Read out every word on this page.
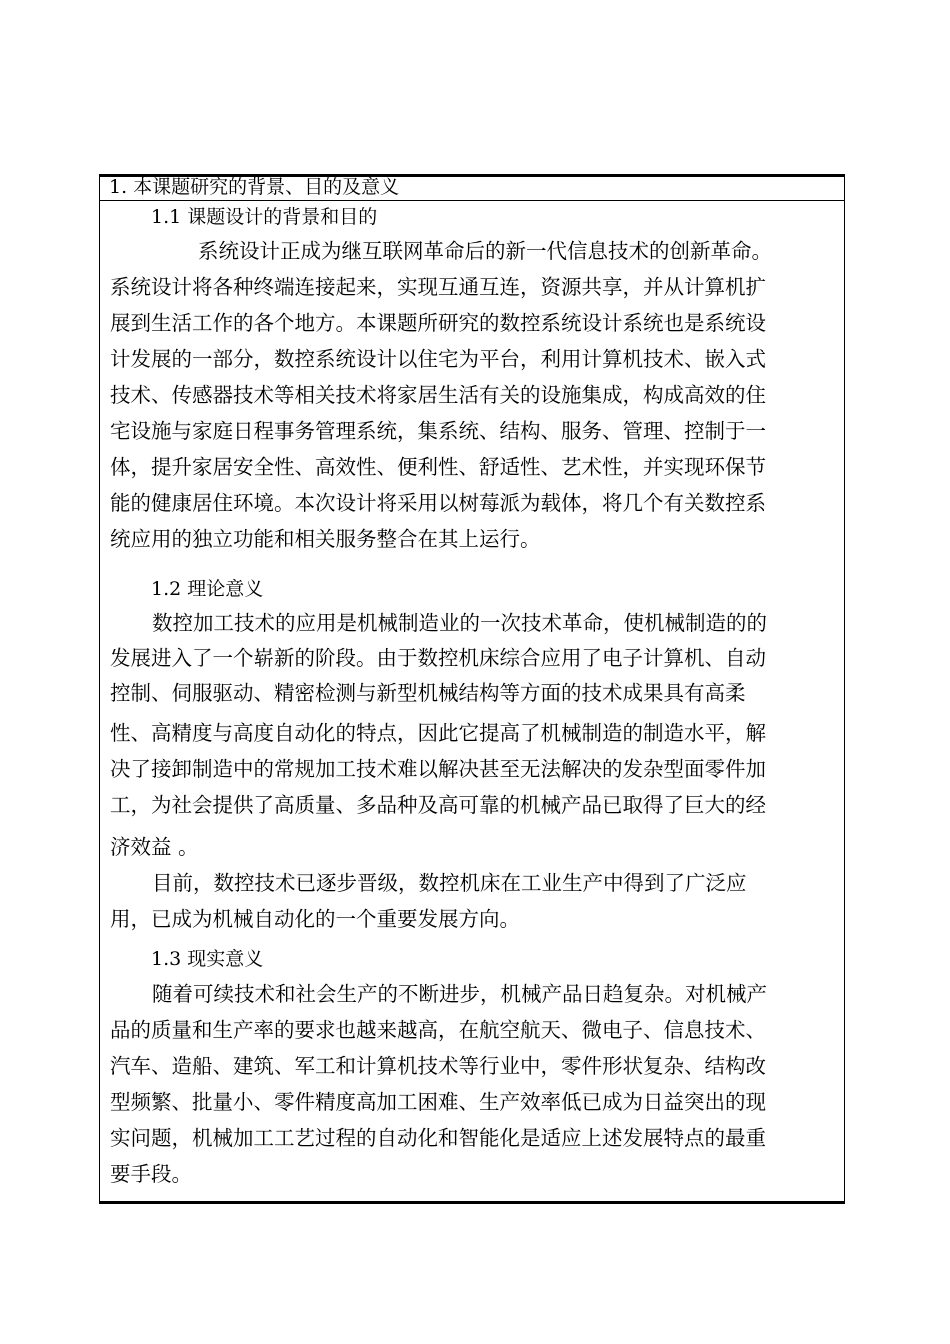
1. 本课题研究的背景、目的及意义
1.1 课题设计的背景和目的
系统设计正成为继互联网革命后的新一代信息技术的创新革命。
系统设计将各种终端连接起来，实现互通互连，资源共享，并从计算机扩
展到生活工作的各个地方。本课题所研究的数控系统设计系统也是系统设
计发展的一部分，数控系统设计以住宅为平台，利用计算机技术、嵌入式
技术、传感器技术等相关技术将家居生活有关的设施集成，构成高效的住
宅设施与家庭日程事务管理系统，集系统、结构、服务、管理、控制于一
体，提升家居安全性、高效性、便利性、舒适性、艺术性，并实现环保节
能的健康居住环境。本次设计将采用以树莓派为载体，将几个有关数控系
统应用的独立功能和相关服务整合在其上运行。
1.2 理论意义
数控加工技术的应用是机械制造业的一次技术革命，使机械制造的的
发展进入了一个崭新的阶段。由于数控机床综合应用了电子计算机、自动
控制、伺服驱动、精密检测与新型机械结构等方面的技术成果具有高柔
性、高精度与高度自动化的特点，因此它提高了机械制造的制造水平，解
决了接卸制造中的常规加工技术难以解决甚至无法解决的发杂型面零件加
工，为社会提供了高质量、多品种及高可靠的机械产品已取得了巨大的经
济效益 。
目前，数控技术已逐步晋级，数控机床在工业生产中得到了广泛应
用，已成为机械自动化的一个重要发展方向。
1.3 现实意义
随着可续技术和社会生产的不断进步，机械产品日趋复杂。对机械产
品的质量和生产率的要求也越来越高，在航空航天、微电子、信息技术、
汽车、造船、建筑、军工和计算机技术等行业中，零件形状复杂、结构改
型频繁、批量小、零件精度高加工困难、生产效率低已成为日益突出的现
实问题，机械加工工艺过程的自动化和智能化是适应上述发展特点的最重
要手段。
